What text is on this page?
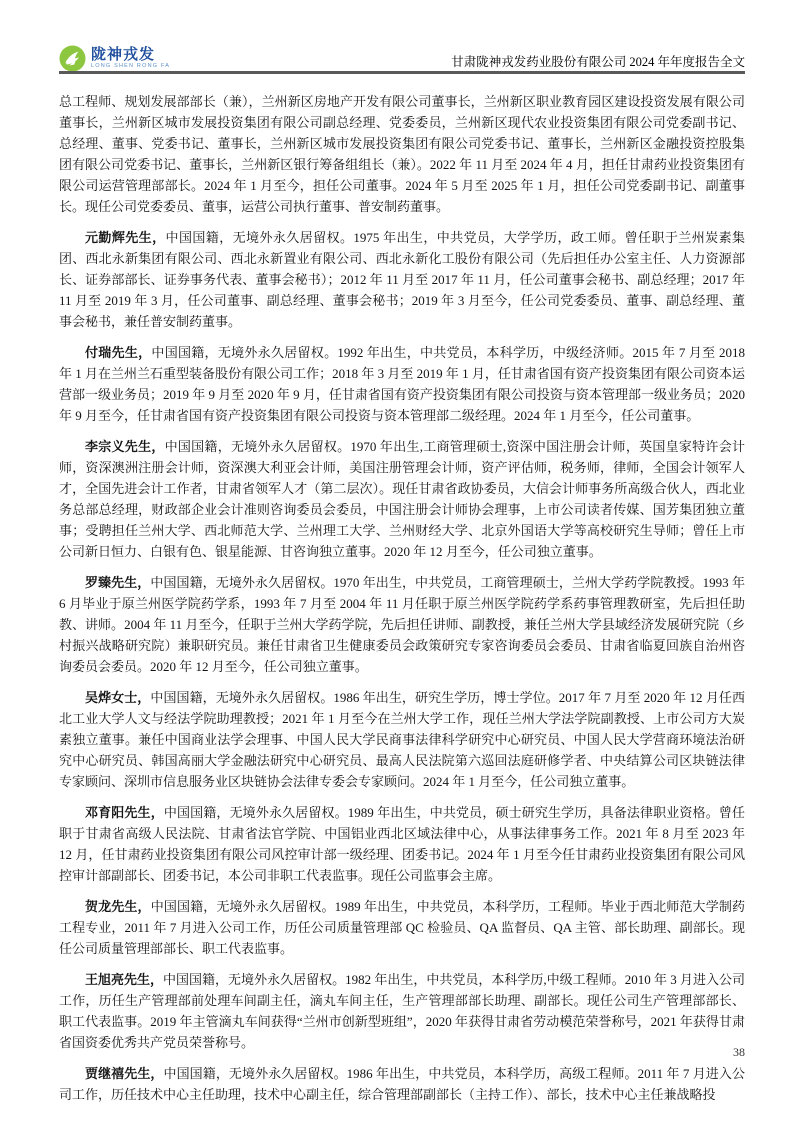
陇神戎发
LONG SHEN RONG FA	甘肃陇神戎发药业股份有限公司 2024 年年度报告全文

总工程师、规划发展部部长（兼），兰州新区房地产开发有限公司董事长，兰州新区职业教育园区建设投资发展有限公司董事长，兰州新区城市发展投资集团有限公司副总经理、党委委员，兰州新区现代农业投资集团有限公司党委副书记、总经理、董事、党委书记、董事长，兰州新区城市发展投资集团有限公司党委书记、董事长，兰州新区金融投资控股集团有限公司党委书记、董事长，兰州新区银行筹备组组长（兼）。2022 年 11 月至 2024 年 4 月，担任甘肃药业投资集团有限公司运营管理部部长。2024 年 1 月至今，担任公司董事。2024 年 5 月至 2025 年 1 月，担任公司党委副书记、副董事长。现任公司党委委员、董事，运营公司执行董事、普安制药董事。

元勤辉先生，中国国籍，无境外永久居留权。1975 年出生，中共党员，大学学历，政工师。曾任职于兰州炭素集团、西北永新集团有限公司、西北永新置业有限公司、西北永新化工股份有限公司（先后担任办公室主任、人力资源部长、证券部部长、证券事务代表、董事会秘书）；2012 年 11 月至 2017 年 11 月，任公司董事会秘书、副总经理；2017 年 11 月至 2019 年 3 月，任公司董事、副总经理、董事会秘书；2019 年 3 月至今，任公司党委委员、董事、副总经理、董事会秘书，兼任普安制药董事。

付瑞先生，中国国籍，无境外永久居留权。1992 年出生，中共党员，本科学历，中级经济师。2015 年 7 月至 2018 年 1 月在兰州兰石重型装备股份有限公司工作；2018 年 3 月至 2019 年 1 月，任甘肃省国有资产投资集团有限公司资本运营部一级业务员；2019 年 9 月至 2020 年 9 月，任甘肃省国有资产投资集团有限公司投资与资本管理部一级业务员；2020 年 9 月至今，任甘肃省国有资产投资集团有限公司投资与资本管理部二级经理。2024 年 1 月至今，任公司董事。

李宗义先生，中国国籍，无境外永久居留权。1970 年出生,工商管理硕士,资深中国注册会计师，英国皇家特许会计师，资深澳洲注册会计师，资深澳大利亚会计师，美国注册管理会计师，资产评估师，税务师，律师，全国会计领军人才，全国先进会计工作者，甘肃省领军人才（第二层次）。现任甘肃省政协委员，大信会计师事务所高级合伙人，西北业务总部总经理，财政部企业会计准则咨询委员会委员，中国注册会计师协会理事，上市公司读者传媒、国芳集团独立董事；受聘担任兰州大学、西北师范大学、兰州理工大学、兰州财经大学、北京外国语大学等高校研究生导师；曾任上市公司新日恒力、白银有色、银星能源、甘咨询独立董事。2020 年 12 月至今，任公司独立董事。

罗臻先生，中国国籍，无境外永久居留权。1970 年出生，中共党员，工商管理硕士，兰州大学药学院教授。1993 年 6 月毕业于原兰州医学院药学系，1993 年 7 月至 2004 年 11 月任职于原兰州医学院药学系药事管理教研室，先后担任助教、讲师。2004 年 11 月至今，任职于兰州大学药学院，先后担任讲师、副教授，兼任兰州大学县域经济发展研究院（乡村振兴战略研究院）兼职研究员。兼任甘肃省卫生健康委员会政策研究专家咨询委员会委员、甘肃省临夏回族自治州咨询委员会委员。2020 年 12 月至今，任公司独立董事。

吴烨女士，中国国籍，无境外永久居留权。1986 年出生，研究生学历，博士学位。2017 年 7 月至 2020 年 12 月任西北工业大学人文与经法学院助理教授；2021 年 1 月至今在兰州大学工作，现任兰州大学法学院副教授、上市公司方大炭素独立董事。兼任中国商业法学会理事、中国人民大学民商事法律科学研究中心研究员、中国人民大学营商环境法治研究中心研究员、韩国高丽大学金融法研究中心研究员、最高人民法院第六巡回法庭研修学者、中央结算公司区块链法律专家顾问、深圳市信息服务业区块链协会法律专委会专家顾问。2024 年 1 月至今，任公司独立董事。

邓育阳先生，中国国籍，无境外永久居留权。1989 年出生，中共党员，硕士研究生学历，具备法律职业资格。曾任职于甘肃省高级人民法院、甘肃省法官学院、中国铝业西北区域法律中心，从事法律事务工作。2021 年 8 月至 2023 年 12 月，任甘肃药业投资集团有限公司风控审计部一级经理、团委书记。2024 年 1 月至今任甘肃药业投资集团有限公司风控审计部副部长、团委书记，本公司非职工代表监事。现任公司监事会主席。

贺龙先生，中国国籍，无境外永久居留权。1989 年出生，中共党员，本科学历，工程师。毕业于西北师范大学制药工程专业，2011 年 7 月进入公司工作，历任公司质量管理部 QC 检验员、QA 监督员、QA 主管、部长助理、副部长。现任公司质量管理部部长、职工代表监事。

王旭亮先生，中国国籍，无境外永久居留权。1982 年出生，中共党员，本科学历,中级工程师。2010 年 3 月进入公司工作，历任生产管理部前处理车间副主任，滴丸车间主任，生产管理部部长助理、副部长。现任公司生产管理部部长、职工代表监事。2019 年主管滴丸车间获得“兰州市创新型班组”，2020 年获得甘肃省劳动模范荣誉称号，2021 年获得甘肃省国资委优秀共产党员荣誉称号。

贾继禧先生，中国国籍，无境外永久居留权。1986 年出生，中共党员，本科学历，高级工程师。2011 年 7 月进入公司工作，历任技术中心主任助理，技术中心副主任，综合管理部副部长（主持工作）、部长，技术中心主任兼战略投

38
